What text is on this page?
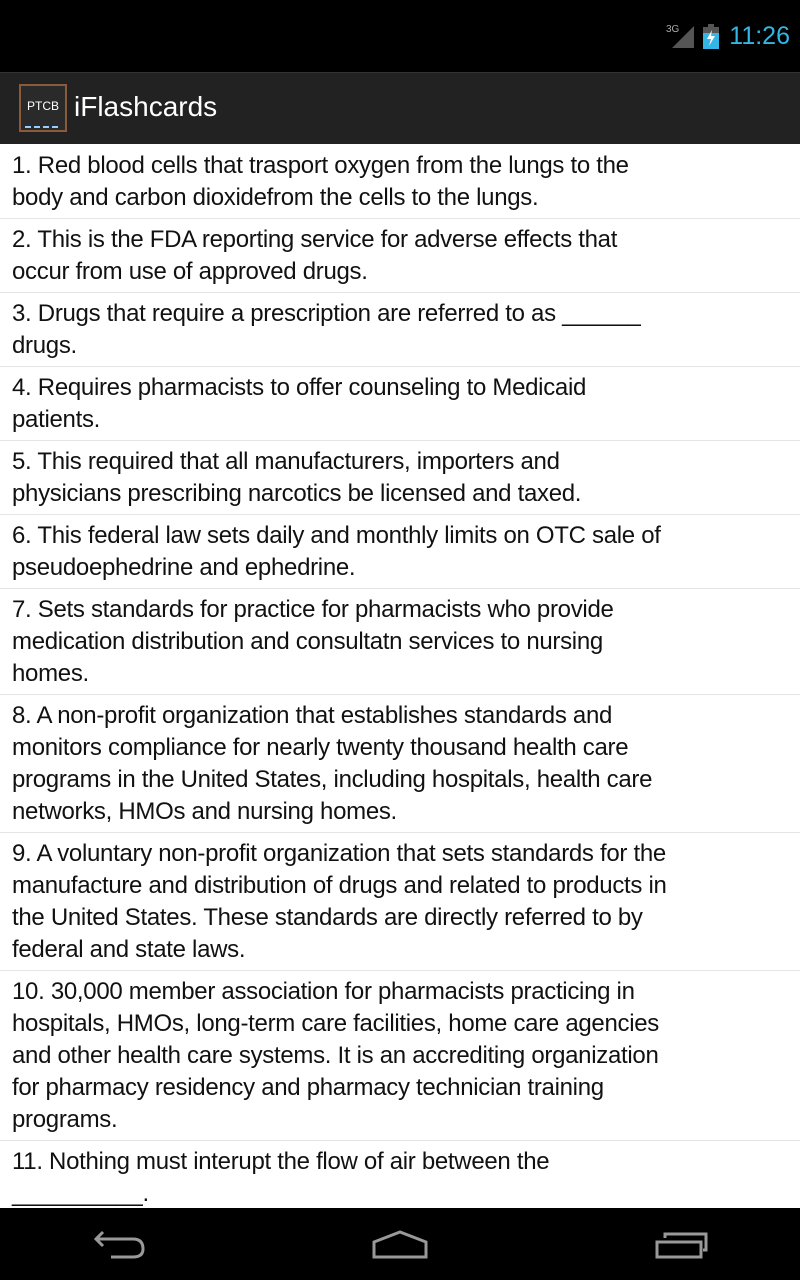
3G 11:26
PTCB iFlashcards
1. Red blood cells that trasport oxygen from the lungs to the
body and carbon dioxidefrom the cells to the lungs.
2. This is the FDA reporting service for adverse effects that
occur from use of approved drugs.
3. Drugs that require a prescription are referred to as ______
drugs.
4. Requires pharmacists to offer counseling to Medicaid
patients.
5. This required that all manufacturers, importers and
physicians prescribing narcotics be licensed and taxed.
6. This federal law sets daily and monthly limits on OTC sale of
pseudoephedrine and ephedrine.
7. Sets standards for practice for pharmacists who provide
medication distribution and consultatn services to nursing
homes.
8. A non-profit organization that establishes standards and
monitors compliance for nearly twenty thousand health care
programs in the United States, including hospitals, health care
networks, HMOs and nursing homes.
9. A voluntary non-profit organization that sets standards for the
manufacture and distribution of drugs and related to products in
the United States. These standards are directly referred to by
federal and state laws.
10. 30,000 member association for pharmacists practicing in
hospitals, HMOs, long-term care facilities, home care agencies
and other health care systems. It is an accrediting organization
for pharmacy residency and pharmacy technician training
programs.
11. Nothing must interupt the flow of air between the
__________.
